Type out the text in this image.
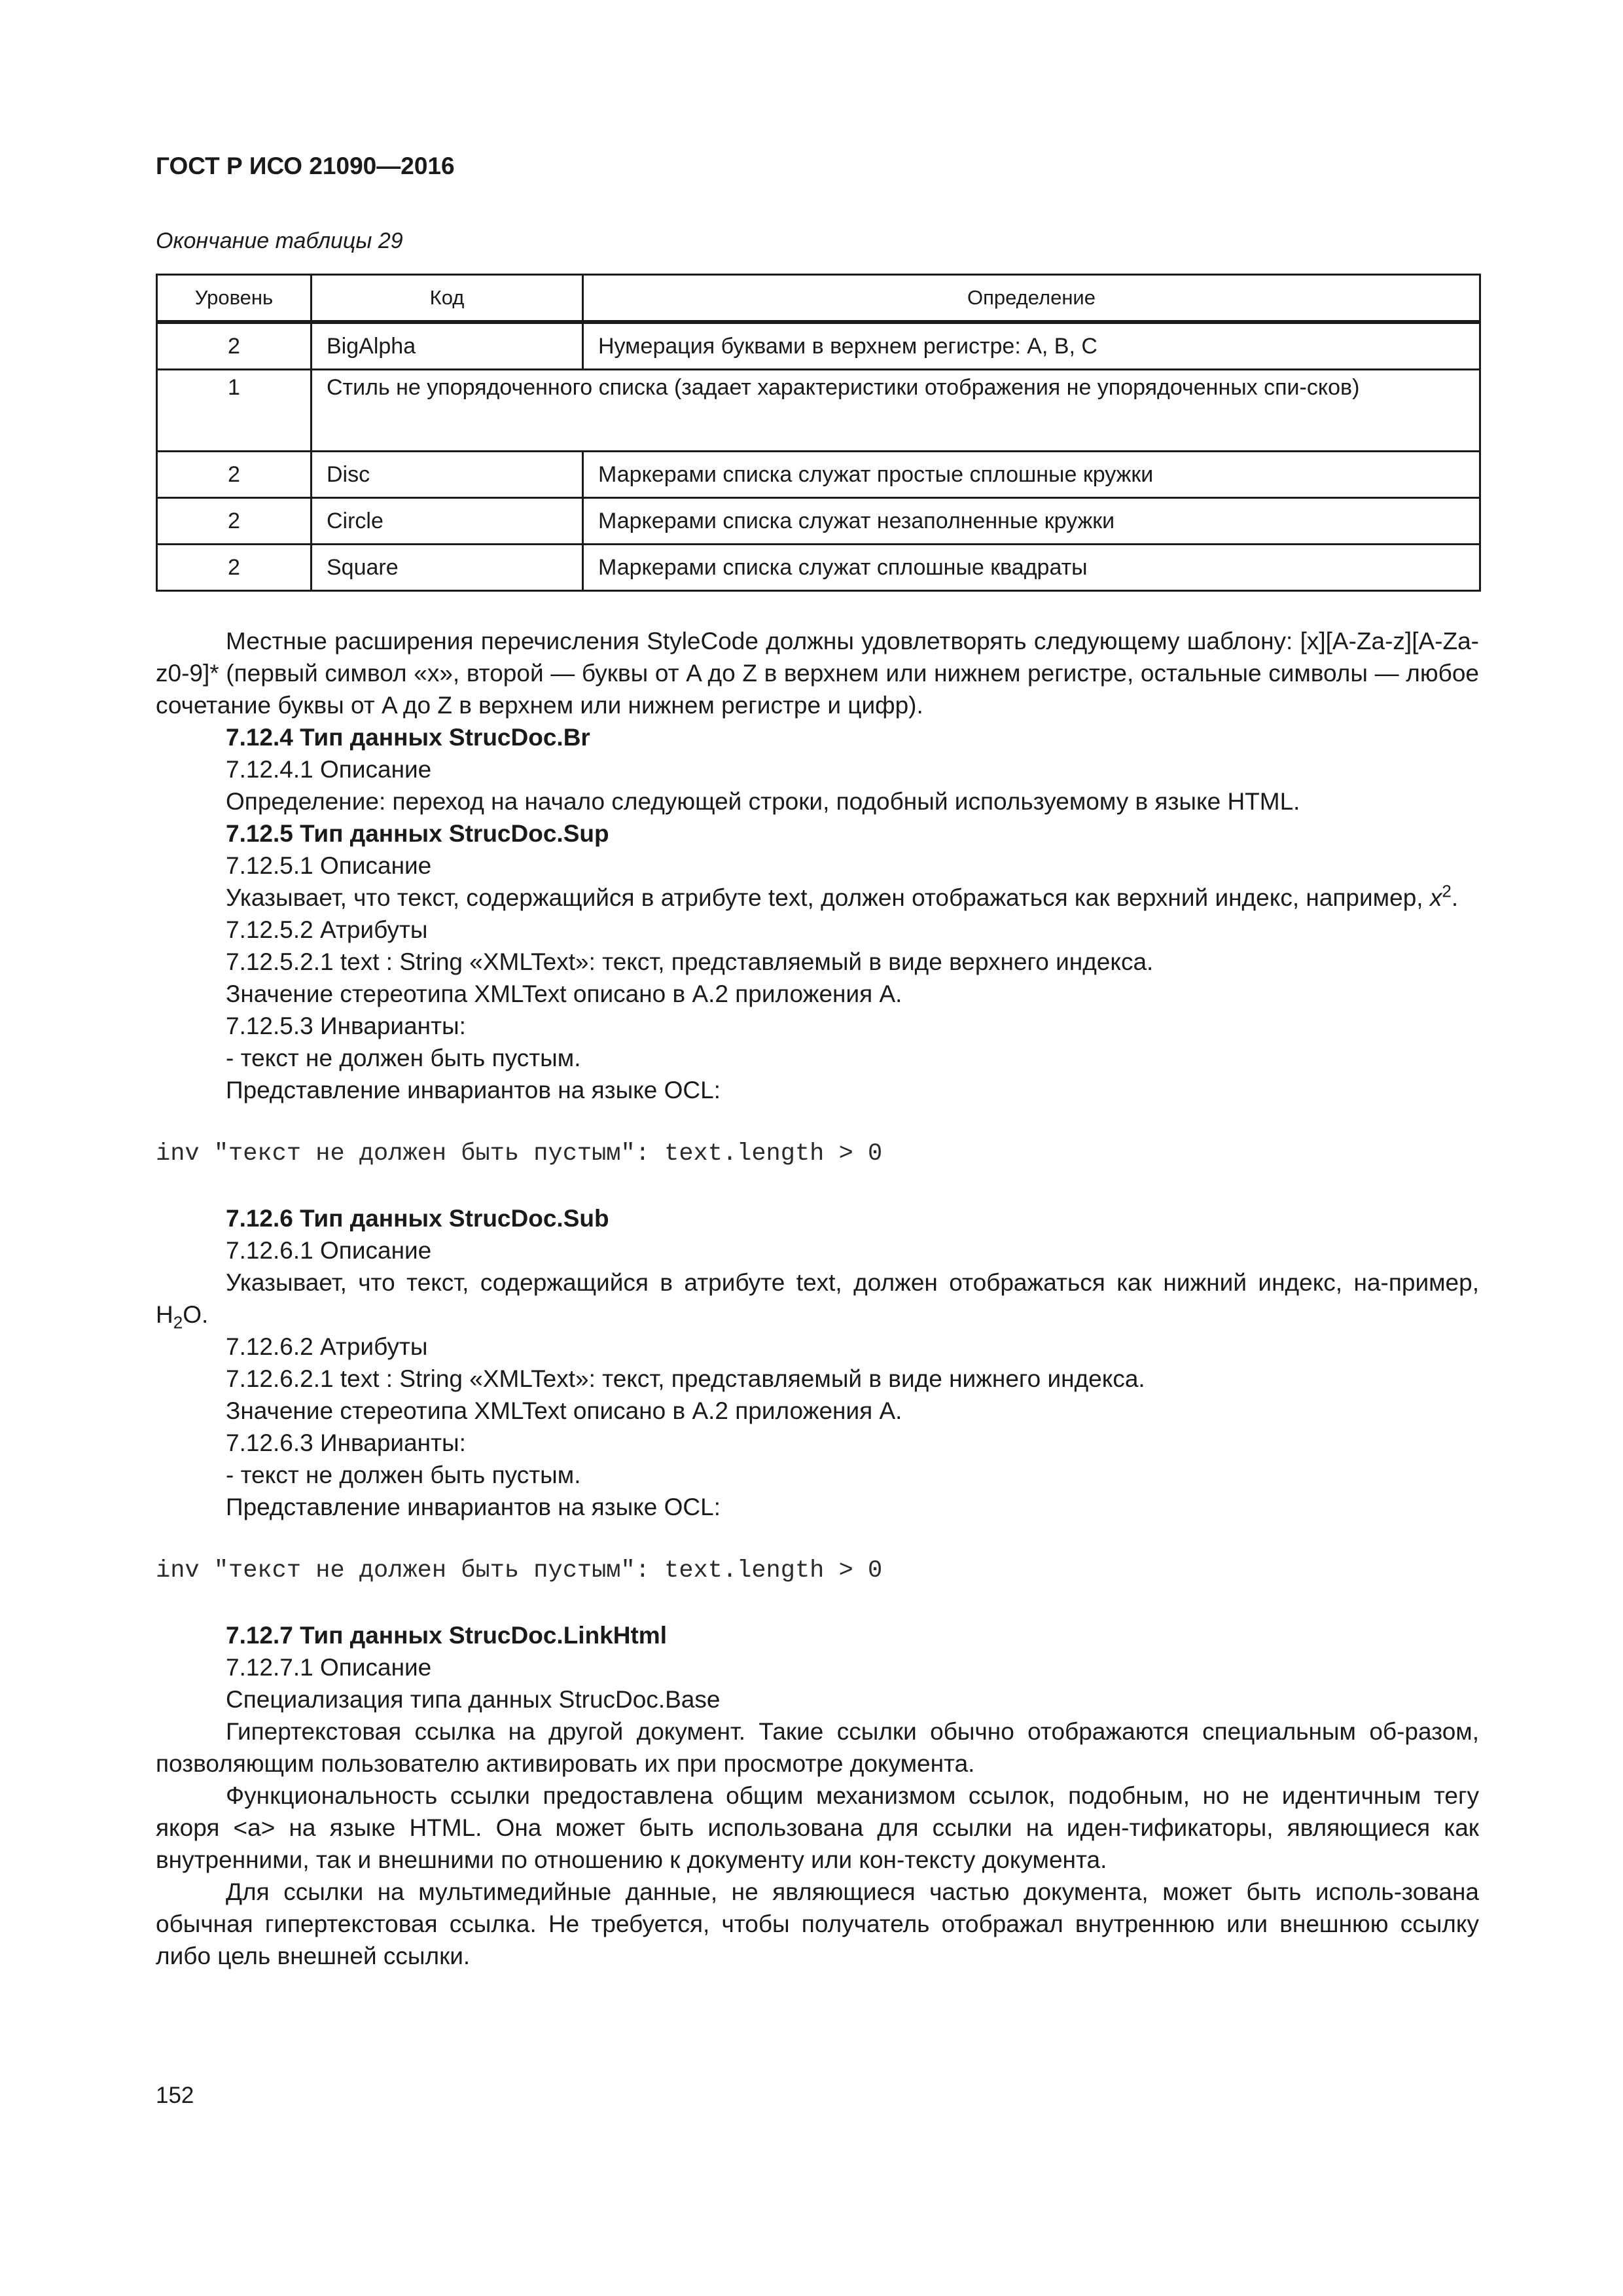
ГОСТ Р ИСО 21090—2016
Окончание таблицы 29
Уровень	Код	Определение
2	BigAlpha	Нумерация буквами в верхнем регистре: A, B, C
1	Стиль не упорядоченного списка (задает характеристики отображения не упорядоченных спи-сков)	
2	Disc	Маркерами списка служат простые сплошные кружки
2	Circle	Маркерами списка служат незаполненные кружки
2	Square	Маркерами списка служат сплошные квадраты

Местные расширения перечисления StyleCode должны удовлетворять следующему шаблону: [x][A-Za-z][A-Za-z0-9]* (первый символ «х», второй — буквы от A до Z в верхнем или нижнем регистре, остальные символы — любое сочетание буквы от A до Z в верхнем или нижнем регистре и цифр).

7.12.4 Тип данных StrucDoc.Br

7.12.4.1 Описание

Определение: переход на начало следующей строки, подобный используемому в языке HTML.

7.12.5 Тип данных StrucDoc.Sup

7.12.5.1 Описание

Указывает, что текст, содержащийся в атрибуте text, должен отображаться как верхний индекс, например, $x^2$.

7.12.5.2 Атрибуты

7.12.5.2.1 text : String «XMLText»: текст, представляемый в виде верхнего индекса.

Значение стереотипа XMLText описано в А.2 приложения А.

7.12.5.3 Инварианты:

- текст не должен быть пустым.

Представление инвариантов на языке OCL:

inv "текст не должен быть пустым": text.length > 0

7.12.6 Тип данных StrucDoc.Sub

7.12.6.1 Описание

Указывает, что текст, содержащийся в атрибуте text, должен отображаться как нижний индекс, на-пример, $H_2O$.

7.12.6.2 Атрибуты

7.12.6.2.1 text : String «XMLText»: текст, представляемый в виде нижнего индекса.

Значение стереотипа XMLText описано в А.2 приложения А.

7.12.6.3 Инварианты:

- текст не должен быть пустым.

Представление инвариантов на языке OCL:

inv "текст не должен быть пустым": text.length > 0

7.12.7 Тип данных StrucDoc.LinkHtml

7.12.7.1 Описание

Специализация типа данных StrucDoc.Base

Гипертекстовая ссылка на другой документ. Такие ссылки обычно отображаются специальным об-разом, позволяющим пользователю активировать их при просмотре документа.

Функциональность ссылки предоставлена общим механизмом ссылок, подобным, но не идентичным тегу якоря <a> на языке HTML. Она может быть использована для ссылки на иден-тификаторы, являющиеся как внутренними, так и внешними по отношению к документу или кон-тексту документа.

Для ссылки на мультимедийные данные, не являющиеся частью документа, может быть исполь-зована обычная гипертекстовая ссылка. Не требуется, чтобы получатель отображал внутреннюю или внешнюю ссылку либо цель внешней ссылки.

152
